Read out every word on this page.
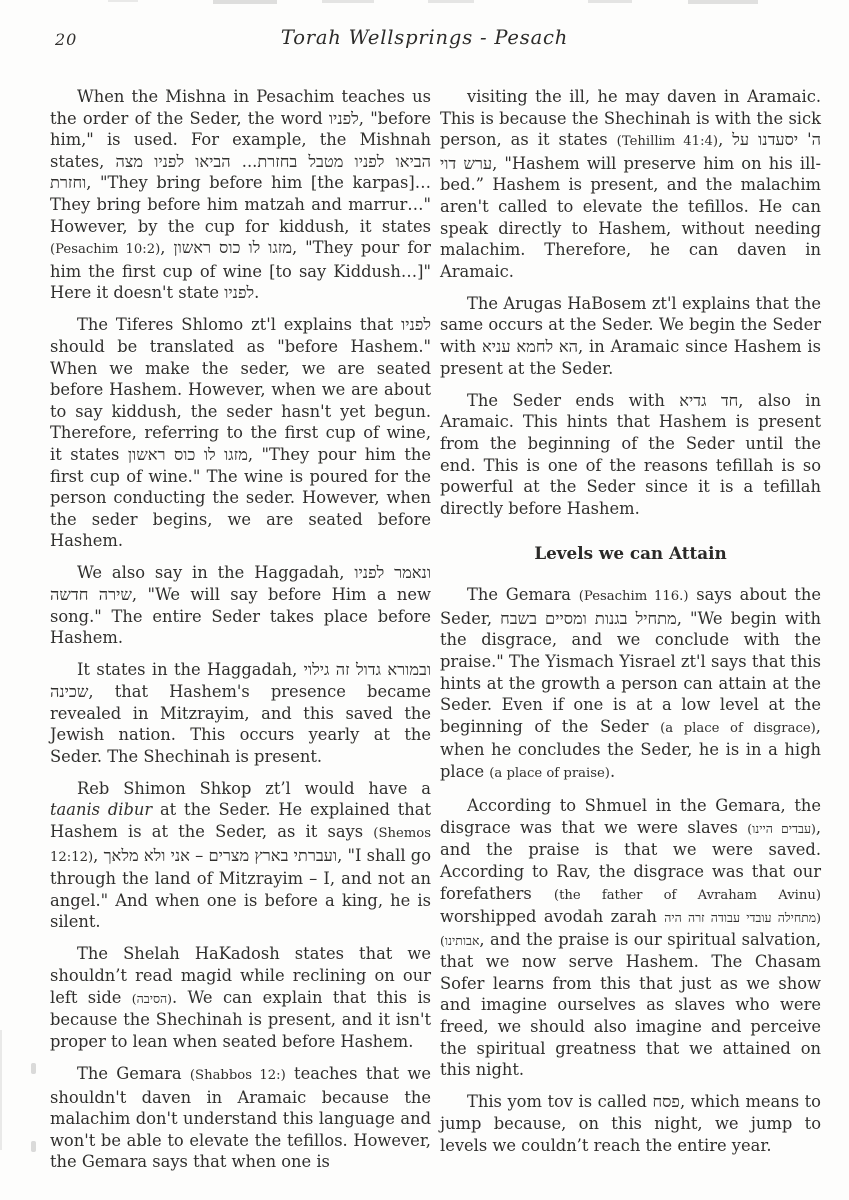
20	Torah Wellsprings - Pesach

When the Mishna in Pesachim teaches us the order of the Seder, the word לפניו, "before him," is used. For example, the Mishnah states, הביאו לפניו מטבל בחזרת... הביאו לפניו מצה וחזרת, "They bring before him [the karpas]… They bring before him matzah and marrur…" However, by the cup for kiddush, it states (Pesachim 10:2), מזגו לו כוס ראשון, "They pour for him the first cup of wine [to say Kiddush…]" Here it doesn't state לפניו.

The Tiferes Shlomo zt'l explains that לפניו should be translated as "before Hashem." When we make the seder, we are seated before Hashem. However, when we are about to say kiddush, the seder hasn't yet begun. Therefore, referring to the first cup of wine, it states מזגו לו כוס ראשון, "They pour him the first cup of wine." The wine is poured for the person conducting the seder. However, when the seder begins, we are seated before Hashem.

We also say in the Haggadah, ונאמר לפניו שירה חדשה, "We will say before Him a new song." The entire Seder takes place before Hashem.

It states in the Haggadah, ובמורא גדול זה גילוי שכינה, that Hashem's presence became revealed in Mitzrayim, and this saved the Jewish nation. This occurs yearly at the Seder. The Shechinah is present.

Reb Shimon Shkop zt’l would have a taanis dibur at the Seder. He explained that Hashem is at the Seder, as it says (Shemos 12:12), ועברתי בארץ מצרים – אני ולא מלאך, "I shall go through the land of Mitzrayim – I, and not an angel." And when one is before a king, he is silent.

The Shelah HaKadosh states that we shouldn’t read magid while reclining on our left side (הסיבה). We can explain that this is because the Shechinah is present, and it isn't proper to lean when seated before Hashem.

The Gemara (Shabbos 12:) teaches that we shouldn't daven in Aramaic because the malachim don't understand this language and won't be able to elevate the tefillos. However, the Gemara says that when one is

visiting the ill, he may daven in Aramaic. This is because the Shechinah is with the sick person, as it states (Tehillim 41:4), ה' יסעדנו על ערש דוי, "Hashem will preserve him on his ill-bed.” Hashem is present, and the malachim aren't called to elevate the tefillos. He can speak directly to Hashem, without needing malachim. Therefore, he can daven in Aramaic.

The Arugas HaBosem zt'l explains that the same occurs at the Seder. We begin the Seder with הא לחמא עניא, in Aramaic since Hashem is present at the Seder.

The Seder ends with חד גדיא, also in Aramaic. This hints that Hashem is present from the beginning of the Seder until the end. This is one of the reasons tefillah is so powerful at the Seder since it is a tefillah directly before Hashem.

Levels we can Attain

The Gemara (Pesachim 116.) says about the Seder, מתחיל בגנות ומסיים בשבח, "We begin with the disgrace, and we conclude with the praise." The Yismach Yisrael zt'l says that this hints at the growth a person can attain at the Seder. Even if one is at a low level at the beginning of the Seder (a place of disgrace), when he concludes the Seder, he is in a high place (a place of praise).

According to Shmuel in the Gemara, the disgrace was that we were slaves (עבדים היינו), and the praise is that we were saved. According to Rav, the disgrace was that our forefathers (the father of Avraham Avinu) worshipped avodah zarah (מתחילה עובדי עבודה זרה היה אבותינו), and the praise is our spiritual salvation, that we now serve Hashem. The Chasam Sofer learns from this that just as we show and imagine ourselves as slaves who were freed, we should also imagine and perceive the spiritual greatness that we attained on this night.

This yom tov is called פסח, which means to jump because, on this night, we jump to levels we couldn’t reach the entire year.
